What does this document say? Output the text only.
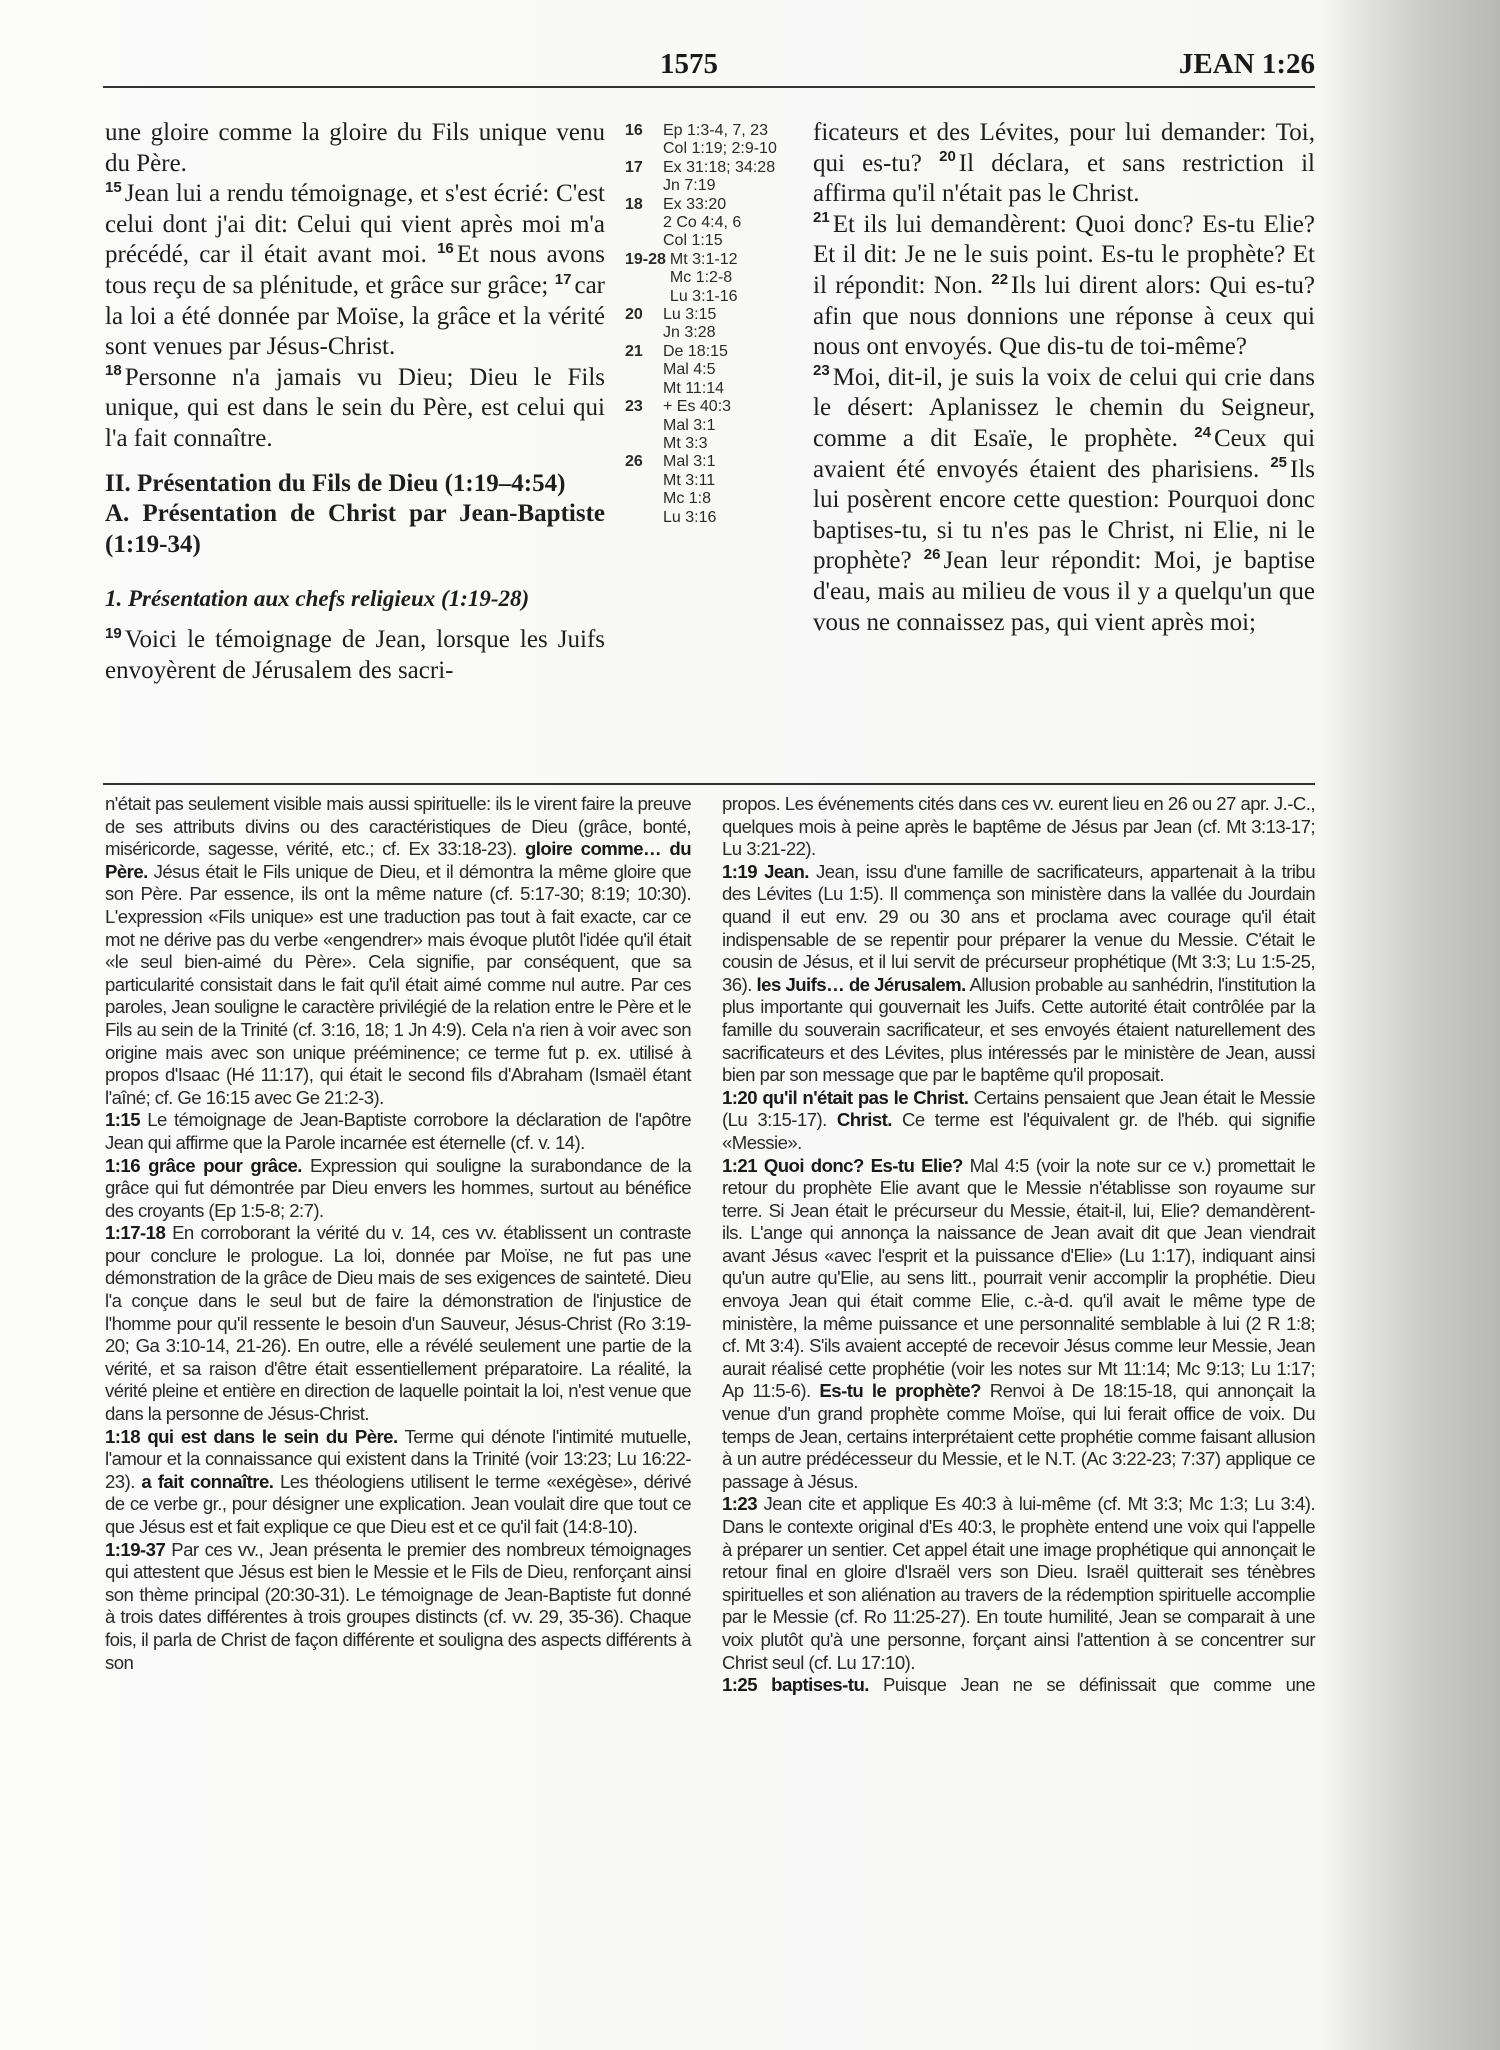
1575	JEAN 1:26

une gloire comme la gloire du Fils unique venu du Père.

$^{15}$ Jean lui a rendu témoignage, et s'est écrié: C'est celui dont j'ai dit: Celui qui vient après moi m'a précédé, car il était avant moi. $^{16}$ Et nous avons tous reçu de sa plénitude, et grâce sur grâce; $^{17}$ car la loi a été donnée par Moïse, la grâce et la vérité sont venues par Jésus-Christ.

$^{18}$ Personne n'a jamais vu Dieu; Dieu le Fils unique, qui est dans le sein du Père, est celui qui l'a fait connaître.

II. Présentation du Fils de Dieu (1:19–4:54)

A. Présentation de Christ par Jean-Baptiste (1:19-34)

1. Présentation aux chefs religieux (1:19-28)

$^{19}$ Voici le témoignage de Jean, lorsque les Juifs envoyèrent de Jérusalem des sacri-

16	Ep 1:3-4, 7, 23
Col 1:19; 2:9-10
17	Ex 31:18; 34:28
Jn 7:19
18	Ex 33:20
2 Co 4:4, 6
Col 1:15
19-28 Mt 3:1-12
Mc 1:2-8
Lu 3:1-16
20	Lu 3:15
Jn 3:28
21	De 18:15
Mal 4:5
Mt 11:14
23	+ Es 40:3
Mal 3:1
Mt 3:3
26	Mal 3:1
Mt 3:11
Mc 1:8
Lu 3:16

ficateurs et des Lévites, pour lui demander: Toi, qui es-tu? $^{20}$ Il déclara, et sans restriction il affirma qu'il n'était pas le Christ.

$^{21}$ Et ils lui demandèrent: Quoi donc? Es-tu Elie? Et il dit: Je ne le suis point. Es-tu le prophète? Et il répondit: Non. $^{22}$ Ils lui dirent alors: Qui es-tu? afin que nous donnions une réponse à ceux qui nous ont envoyés. Que dis-tu de toi-même?

$^{23}$ Moi, dit-il, je suis la voix de celui qui crie dans le désert: Aplanissez le chemin du Seigneur, comme a dit Esaïe, le prophète. $^{24}$ Ceux qui avaient été envoyés étaient des pharisiens. $^{25}$ Ils lui posèrent encore cette question: Pourquoi donc baptises-tu, si tu n'es pas le Christ, ni Elie, ni le prophète? $^{26}$ Jean leur répondit: Moi, je baptise d'eau, mais au milieu de vous il y a quelqu'un que vous ne connaissez pas, qui vient après moi;

n'était pas seulement visible mais aussi spirituelle: ils le virent faire la preuve de ses attributs divins ou des caractéristiques de Dieu (grâce, bonté, miséricorde, sagesse, vérité, etc.; cf. Ex 33:18-23). gloire comme… du Père. Jésus était le Fils unique de Dieu, et il démontra la même gloire que son Père. Par essence, ils ont la même nature (cf. 5:17-30; 8:19; 10:30). L'expression «Fils unique» est une traduction pas tout à fait exacte, car ce mot ne dérive pas du verbe «engendrer» mais évoque plutôt l'idée qu'il était «le seul bien-aimé du Père». Cela signifie, par conséquent, que sa particularité consistait dans le fait qu'il était aimé comme nul autre. Par ces paroles, Jean souligne le caractère privilégié de la relation entre le Père et le Fils au sein de la Trinité (cf. 3:16, 18; 1 Jn 4:9). Cela n'a rien à voir avec son origine mais avec son unique prééminence; ce terme fut p. ex. utilisé à propos d'Isaac (Hé 11:17), qui était le second fils d'Abraham (Ismaël étant l'aîné; cf. Ge 16:15 avec Ge 21:2-3).

1:15 Le témoignage de Jean-Baptiste corrobore la déclaration de l'apôtre Jean qui affirme que la Parole incarnée est éternelle (cf. v. 14).

1:16 grâce pour grâce. Expression qui souligne la surabondance de la grâce qui fut démontrée par Dieu envers les hommes, surtout au bénéfice des croyants (Ep 1:5-8; 2:7).

1:17-18 En corroborant la vérité du v. 14, ces vv. établissent un contraste pour conclure le prologue. La loi, donnée par Moïse, ne fut pas une démonstration de la grâce de Dieu mais de ses exigences de sainteté. Dieu l'a conçue dans le seul but de faire la démonstration de l'injustice de l'homme pour qu'il ressente le besoin d'un Sauveur, Jésus-Christ (Ro 3:19-20; Ga 3:10-14, 21-26). En outre, elle a révélé seulement une partie de la vérité, et sa raison d'être était essentiellement préparatoire. La réalité, la vérité pleine et entière en direction de laquelle pointait la loi, n'est venue que dans la personne de Jésus-Christ.

1:18 qui est dans le sein du Père. Terme qui dénote l'intimité mutuelle, l'amour et la connaissance qui existent dans la Trinité (voir 13:23; Lu 16:22-23). a fait connaître. Les théologiens utilisent le terme «exégèse», dérivé de ce verbe gr., pour désigner une explication. Jean voulait dire que tout ce que Jésus est et fait explique ce que Dieu est et ce qu'il fait (14:8-10).

1:19-37 Par ces vv., Jean présenta le premier des nombreux témoignages qui attestent que Jésus est bien le Messie et le Fils de Dieu, renforçant ainsi son thème principal (20:30-31). Le témoignage de Jean-Baptiste fut donné à trois dates différentes à trois groupes distincts (cf. vv. 29, 35-36). Chaque fois, il parla de Christ de façon différente et souligna des aspects différents à son

propos. Les événements cités dans ces vv. eurent lieu en 26 ou 27 apr. J.-C., quelques mois à peine après le baptême de Jésus par Jean (cf. Mt 3:13-17; Lu 3:21-22).

1:19 Jean. Jean, issu d'une famille de sacrificateurs, appartenait à la tribu des Lévites (Lu 1:5). Il commença son ministère dans la vallée du Jourdain quand il eut env. 29 ou 30 ans et proclama avec courage qu'il était indispensable de se repentir pour préparer la venue du Messie. C'était le cousin de Jésus, et il lui servit de précurseur prophétique (Mt 3:3; Lu 1:5-25, 36). les Juifs… de Jérusalem. Allusion probable au sanhédrin, l'institution la plus importante qui gouvernait les Juifs. Cette autorité était contrôlée par la famille du souverain sacrificateur, et ses envoyés étaient naturellement des sacrificateurs et des Lévites, plus intéressés par le ministère de Jean, aussi bien par son message que par le baptême qu'il proposait.

1:20 qu'il n'était pas le Christ. Certains pensaient que Jean était le Messie (Lu 3:15-17). Christ. Ce terme est l'équivalent gr. de l'héb. qui signifie «Messie».

1:21 Quoi donc? Es-tu Elie? Mal 4:5 (voir la note sur ce v.) promettait le retour du prophète Elie avant que le Messie n'établisse son royaume sur terre. Si Jean était le précurseur du Messie, était-il, lui, Elie? demandèrent-ils. L'ange qui annonça la naissance de Jean avait dit que Jean viendrait avant Jésus «avec l'esprit et la puissance d'Elie» (Lu 1:17), indiquant ainsi qu'un autre qu'Elie, au sens litt., pourrait venir accomplir la prophétie. Dieu envoya Jean qui était comme Elie, c.-à-d. qu'il avait le même type de ministère, la même puissance et une personnalité semblable à lui (2 R 1:8; cf. Mt 3:4). S'ils avaient accepté de recevoir Jésus comme leur Messie, Jean aurait réalisé cette prophétie (voir les notes sur Mt 11:14; Mc 9:13; Lu 1:17; Ap 11:5-6). Es-tu le prophète? Renvoi à De 18:15-18, qui annonçait la venue d'un grand prophète comme Moïse, qui lui ferait office de voix. Du temps de Jean, certains interprétaient cette prophétie comme faisant allusion à un autre prédécesseur du Messie, et le N.T. (Ac 3:22-23; 7:37) applique ce passage à Jésus.

1:23 Jean cite et applique Es 40:3 à lui-même (cf. Mt 3:3; Mc 1:3; Lu 3:4). Dans le contexte original d'Es 40:3, le prophète entend une voix qui l'appelle à préparer un sentier. Cet appel était une image prophétique qui annonçait le retour final en gloire d'Israël vers son Dieu. Israël quitterait ses ténèbres spirituelles et son aliénation au travers de la rédemption spirituelle accomplie par le Messie (cf. Ro 11:25-27). En toute humilité, Jean se comparait à une voix plutôt qu'à une personne, forçant ainsi l'attention à se concentrer sur Christ seul (cf. Lu 17:10).

1:25 baptises-tu. Puisque Jean ne se définissait que comme une
